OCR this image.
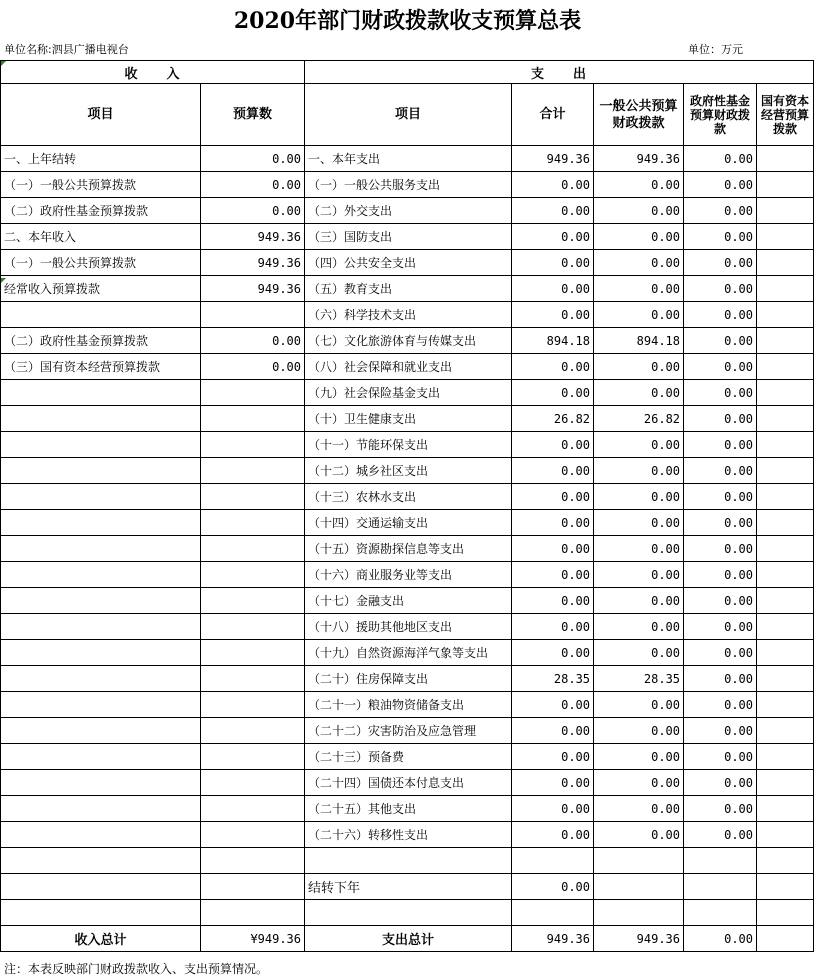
2020年部门财政拨款收支预算总表
单位名称:泗县广播电视台	单位：万元
收　　入		支　　出				
项目	预算数	项目	合计	一般公共预算财政拨款	政府性基金预算财政拨款	国有资本经营预算拨款
一、上年结转	0.00	一、本年支出	949.36	949.36	0.00	
（一）一般公共预算拨款	0.00	（一）一般公共服务支出	0.00	0.00	0.00	
（二）政府性基金预算拨款	0.00	（二）外交支出	0.00	0.00	0.00	
二、本年收入	949.36	（三）国防支出	0.00	0.00	0.00	
（一）一般公共预算拨款	949.36	（四）公共安全支出	0.00	0.00	0.00	
经常收入预算拨款	949.36	（五）教育支出	0.00	0.00	0.00	
		（六）科学技术支出	0.00	0.00	0.00	
（二）政府性基金预算拨款	0.00	（七）文化旅游体育与传媒支出	894.18	894.18	0.00	
（三）国有资本经营预算拨款	0.00	（八）社会保障和就业支出	0.00	0.00	0.00	
		（九）社会保险基金支出	0.00	0.00	0.00	
		（十）卫生健康支出	26.82	26.82	0.00	
		（十一）节能环保支出	0.00	0.00	0.00	
		（十二）城乡社区支出	0.00	0.00	0.00	
		（十三）农林水支出	0.00	0.00	0.00	
		（十四）交通运输支出	0.00	0.00	0.00	
		（十五）资源勘探信息等支出	0.00	0.00	0.00	
		（十六）商业服务业等支出	0.00	0.00	0.00	
		（十七）金融支出	0.00	0.00	0.00	
		（十八）援助其他地区支出	0.00	0.00	0.00	
		（十九）自然资源海洋气象等支出	0.00	0.00	0.00	
		（二十）住房保障支出	28.35	28.35	0.00	
		（二十一）粮油物资储备支出	0.00	0.00	0.00	
		（二十二）灾害防治及应急管理	0.00	0.00	0.00	
		（二十三）预备费	0.00	0.00	0.00	
		（二十四）国债还本付息支出	0.00	0.00	0.00	
		（二十五）其他支出	0.00	0.00	0.00	
		（二十六）转移性支出	0.00	0.00	0.00	

		结转下年	0.00			

收入总计	¥949.36	支出总计	949.36	949.36	0.00	
注：本表反映部门财政拨款收入、支出预算情况。
